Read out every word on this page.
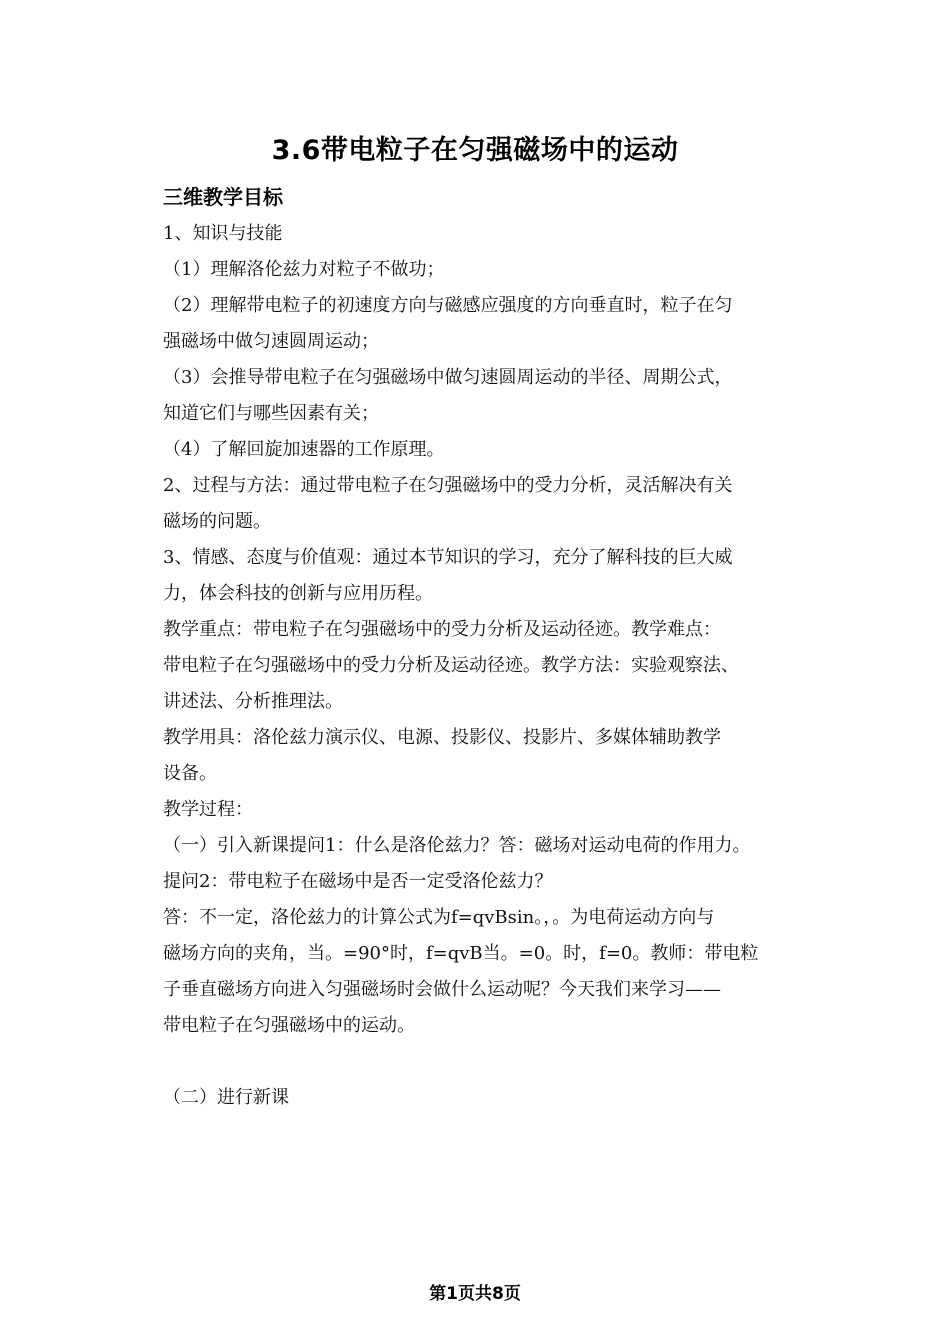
3.6带电粒子在匀强磁场中的运动
三维教学目标

1、知识与技能

（1）理解洛伦兹力对粒子不做功；

（2）理解带电粒子的初速度方向与磁感应强度的方向垂直时，粒子在匀

强磁场中做匀速圆周运动；

（3）会推导带电粒子在匀强磁场中做匀速圆周运动的半径、周期公式，

知道它们与哪些因素有关；

（4）了解回旋加速器的工作原理。

2、过程与方法：通过带电粒子在匀强磁场中的受力分析，灵活解决有关

磁场的问题。

3、情感、态度与价值观：通过本节知识的学习，充分了解科技的巨大威

力，体会科技的创新与应用历程。

教学重点：带电粒子在匀强磁场中的受力分析及运动径迹。教学难点：

带电粒子在匀强磁场中的受力分析及运动径迹。教学方法：实验观察法、

讲述法、分析推理法。

教学用具：洛伦兹力演示仪、电源、投影仪、投影片、多媒体辅助教学

设备。

教学过程：

（一）引入新课提问1：什么是洛伦兹力？答：磁场对运动电荷的作用力。

提问2：带电粒子在磁场中是否一定受洛伦兹力？

答：不一定，洛伦兹力的计算公式为f=qvBsin。，。为电荷运动方向与

磁场方向的夹角，当。=90°时，f=qvB当。=0。时，f=0。教师：带电粒

子垂直磁场方向进入匀强磁场时会做什么运动呢？今天我们来学习——

带电粒子在匀强磁场中的运动。

（二）进行新课

第1页共8页
